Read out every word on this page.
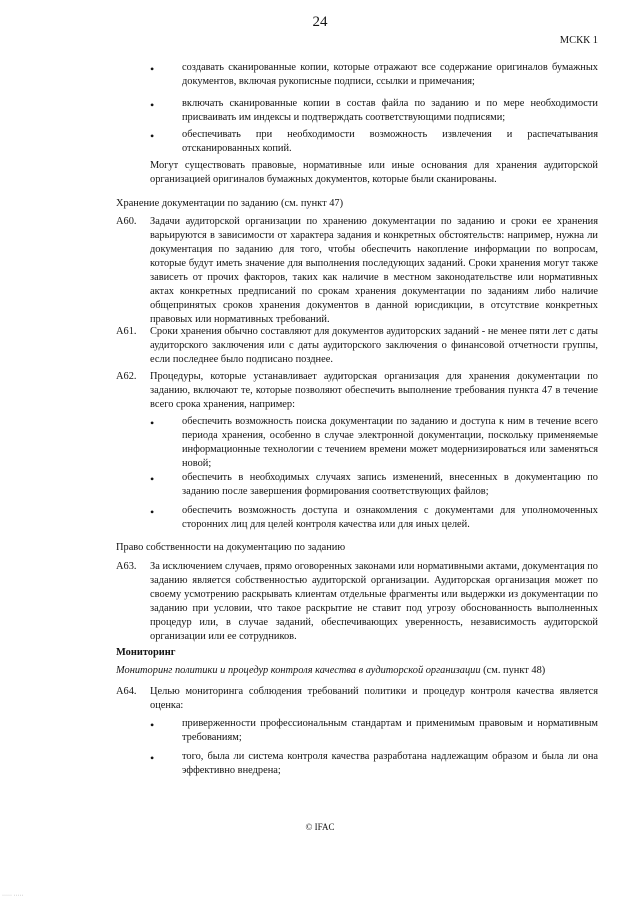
24
МСКК 1
•	создавать сканированные копии, которые отражают все содержание оригиналов бумажных документов, включая рукописные подписи, ссылки и примечания;
•	включать сканированные копии в состав файла по заданию и по мере необходимости присваивать им индексы и подтверждать соответствующими подписями;
•	обеспечивать при необходимости возможность извлечения и распечатывания отсканированных копий.
Могут существовать правовые, нормативные или иные основания для хранения аудиторской организацией оригиналов бумажных документов, которые были сканированы.
Хранение документации по заданию (см. пункт 47)
A60. Задачи аудиторской организации по хранению документации по заданию и сроки ее хранения варьируются в зависимости от характера задания и конкретных обстоятельств: например, нужна ли документация по заданию для того, чтобы обеспечить накопление информации по вопросам, которые будут иметь значение для выполнения последующих заданий. Сроки хранения могут также зависеть от прочих факторов, таких как наличие в местном законодательстве или нормативных актах конкретных предписаний по срокам хранения документации по заданиям либо наличие общепринятых сроков хранения документов в данной юрисдикции, в отсутствие конкретных правовых или нормативных требований.
A61. Сроки хранения обычно составляют для документов аудиторских заданий - не менее пяти лет с даты аудиторского заключения или с даты аудиторского заключения о финансовой отчетности группы, если последнее было подписано позднее.
A62. Процедуры, которые устанавливает аудиторская организация для хранения документации по заданию, включают те, которые позволяют обеспечить выполнение требования пункта 47 в течение всего срока хранения, например:
•	обеспечить возможность поиска документации по заданию и доступа к ним в течение всего периода хранения, особенно в случае электронной документации, поскольку применяемые информационные технологии с течением времени может модернизироваться или заменяться новой;
•	обеспечить в необходимых случаях запись изменений, внесенных в документацию по заданию после завершения формирования соответствующих файлов;
•	обеспечить возможность доступа и ознакомления с документами для уполномоченных сторонних лиц для целей контроля качества или для иных целей.
Право собственности на документацию по заданию
A63. За исключением случаев, прямо оговоренных законами или нормативными актами, документация по заданию является собственностью аудиторской организации. Аудиторская организация может по своему усмотрению раскрывать клиентам отдельные фрагменты или выдержки из документации по заданию при условии, что такое раскрытие не ставит под угрозу обоснованность выполненных процедур или, в случае заданий, обеспечивающих уверенность, независимость аудиторской организации или ее сотрудников.
Мониторинг
Мониторинг политики и процедур контроля качества в аудиторской организации (см. пункт 48)
A64. Целью мониторинга соблюдения требований политики и процедур контроля качества является оценка:
•	приверженности профессиональным стандартам и применимым правовым и нормативным требованиям;
•	того, была ли система контроля качества разработана надлежащим образом и была ли она эффективно внедрена;
© IFAC
····· ·····
